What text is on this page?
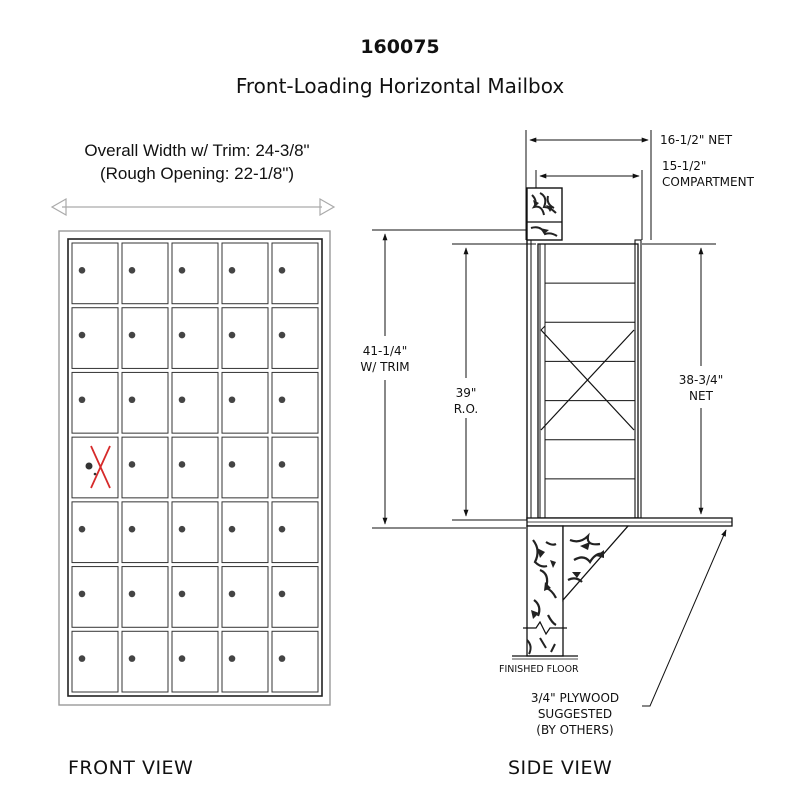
160075
Front-Loading Horizontal Mailbox
Overall Width w/ Trim: 24-3/8"
(Rough Opening: 22-1/8")
16-1/2" NET
15-1/2"
COMPARTMENT
41-1/4"
W/ TRIM
39"
R.O.
38-3/4"
NET
FINISHED FLOOR
3/4" PLYWOOD
SUGGESTED
(BY OTHERS)
FRONT VIEW	SIDE VIEW
